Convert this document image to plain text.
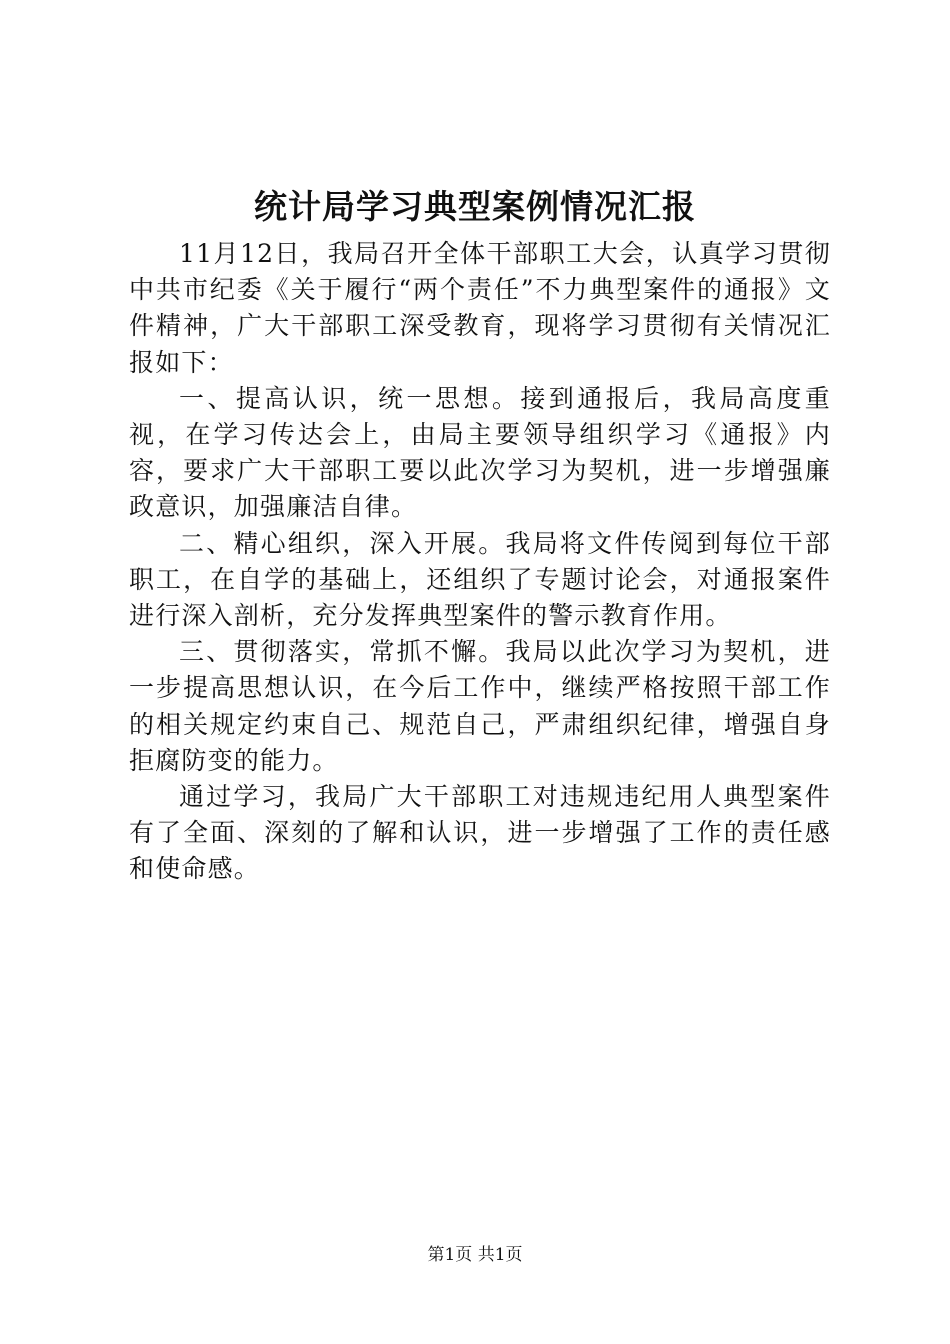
统计局学习典型案例情况汇报

11月12日，我局召开全体干部职工大会，认真学习贯彻中共市纪委《关于履行“两个责任”不力典型案件的通报》文件精神，广大干部职工深受教育，现将学习贯彻有关情况汇报如下：

一、提高认识，统一思想。接到通报后，我局高度重视，在学习传达会上，由局主要领导组织学习《通报》内容，要求广大干部职工要以此次学习为契机，进一步增强廉政意识，加强廉洁自律。

二、精心组织，深入开展。我局将文件传阅到每位干部职工，在自学的基础上，还组织了专题讨论会，对通报案件进行深入剖析，充分发挥典型案件的警示教育作用。

三、贯彻落实，常抓不懈。我局以此次学习为契机，进一步提高思想认识，在今后工作中，继续严格按照干部工作的相关规定约束自己、规范自己，严肃组织纪律，增强自身拒腐防变的能力。

通过学习，我局广大干部职工对违规违纪用人典型案件有了全面、深刻的了解和认识，进一步增强了工作的责任感和使命感。

第1页 共1页
